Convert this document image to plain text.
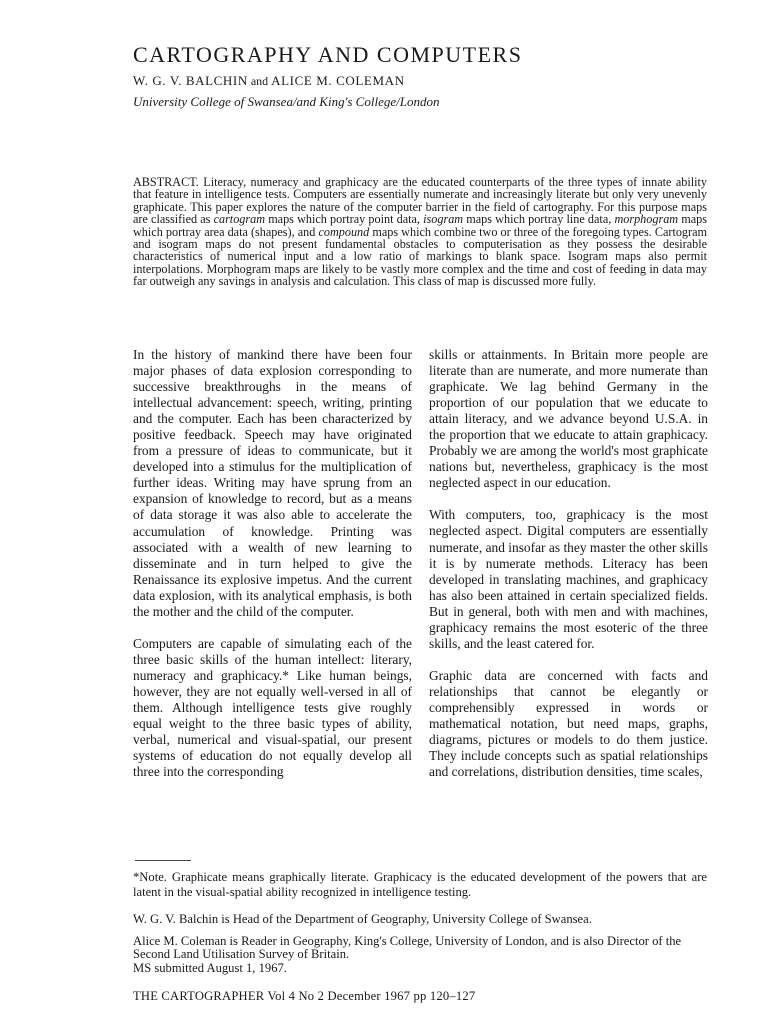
CARTOGRAPHY AND COMPUTERS
W. G. V. BALCHIN and ALICE M. COLEMAN
University College of Swansea/and King's College/London

ABSTRACT. Literacy, numeracy and graphicacy are the educated counterparts of the three types of innate ability that feature in intelligence tests. Computers are essentially numerate and increasingly literate but only very unevenly graphicate. This paper explores the nature of the computer barrier in the field of cartography. For this purpose maps are classified as cartogram maps which portray point data, isogram maps which portray line data, morphogram maps which portray area data (shapes), and compound maps which combine two or three of the foregoing types. Cartogram and isogram maps do not present fundamental obstacles to computerisation as they possess the desirable characteristics of numerical input and a low ratio of markings to blank space. Isogram maps also permit interpolations. Morphogram maps are likely to be vastly more complex and the time and cost of feeding in data may far outweigh any savings in analysis and calculation. This class of map is discussed more fully.

In the history of mankind there have been four major phases of data explosion corresponding to successive breakthroughs in the means of intellectual advancement: speech, writing, printing and the computer. Each has been characterized by positive feedback. Speech may have originated from a pressure of ideas to communicate, but it developed into a stimulus for the multiplication of further ideas. Writing may have sprung from an expansion of knowledge to record, but as a means of data storage it was also able to accelerate the accumulation of knowledge. Printing was associated with a wealth of new learning to disseminate and in turn helped to give the Renaissance its explosive impetus. And the current data explosion, with its analytical emphasis, is both the mother and the child of the computer.

Computers are capable of simulating each of the three basic skills of the human intellect: literary, numeracy and graphicacy.* Like human beings, however, they are not equally well-versed in all of them. Although intelligence tests give roughly equal weight to the three basic types of ability, verbal, numerical and visual-spatial, our present systems of education do not equally develop all three into the corresponding

skills or attainments. In Britain more people are literate than are numerate, and more numerate than graphicate. We lag behind Germany in the proportion of our population that we educate to attain literacy, and we advance beyond U.S.A. in the proportion that we educate to attain graphicacy. Probably we are among the world's most graphicate nations but, nevertheless, graphicacy is the most neglected aspect in our education.

With computers, too, graphicacy is the most neglected aspect. Digital computers are essentially numerate, and insofar as they master the other skills it is by numerate methods. Literacy has been developed in translating machines, and graphicacy has also been attained in certain specialized fields. But in general, both with men and with machines, graphicacy remains the most esoteric of the three skills, and the least catered for.

Graphic data are concerned with facts and relationships that cannot be elegantly or comprehensibly expressed in words or mathematical notation, but need maps, graphs, diagrams, pictures or models to do them justice. They include concepts such as spatial relationships and correlations, distribution densities, time scales,

*Note. Graphicate means graphically literate. Graphicacy is the educated development of the powers that are latent in the visual-spatial ability recognized in intelligence testing.

W. G. V. Balchin is Head of the Department of Geography, University College of Swansea.

Alice M. Coleman is Reader in Geography, King's College, University of London, and is also Director of the Second Land Utilisation Survey of Britain.
MS submitted August 1, 1967.
THE CARTOGRAPHER Vol 4 No 2 December 1967 pp 120–127
